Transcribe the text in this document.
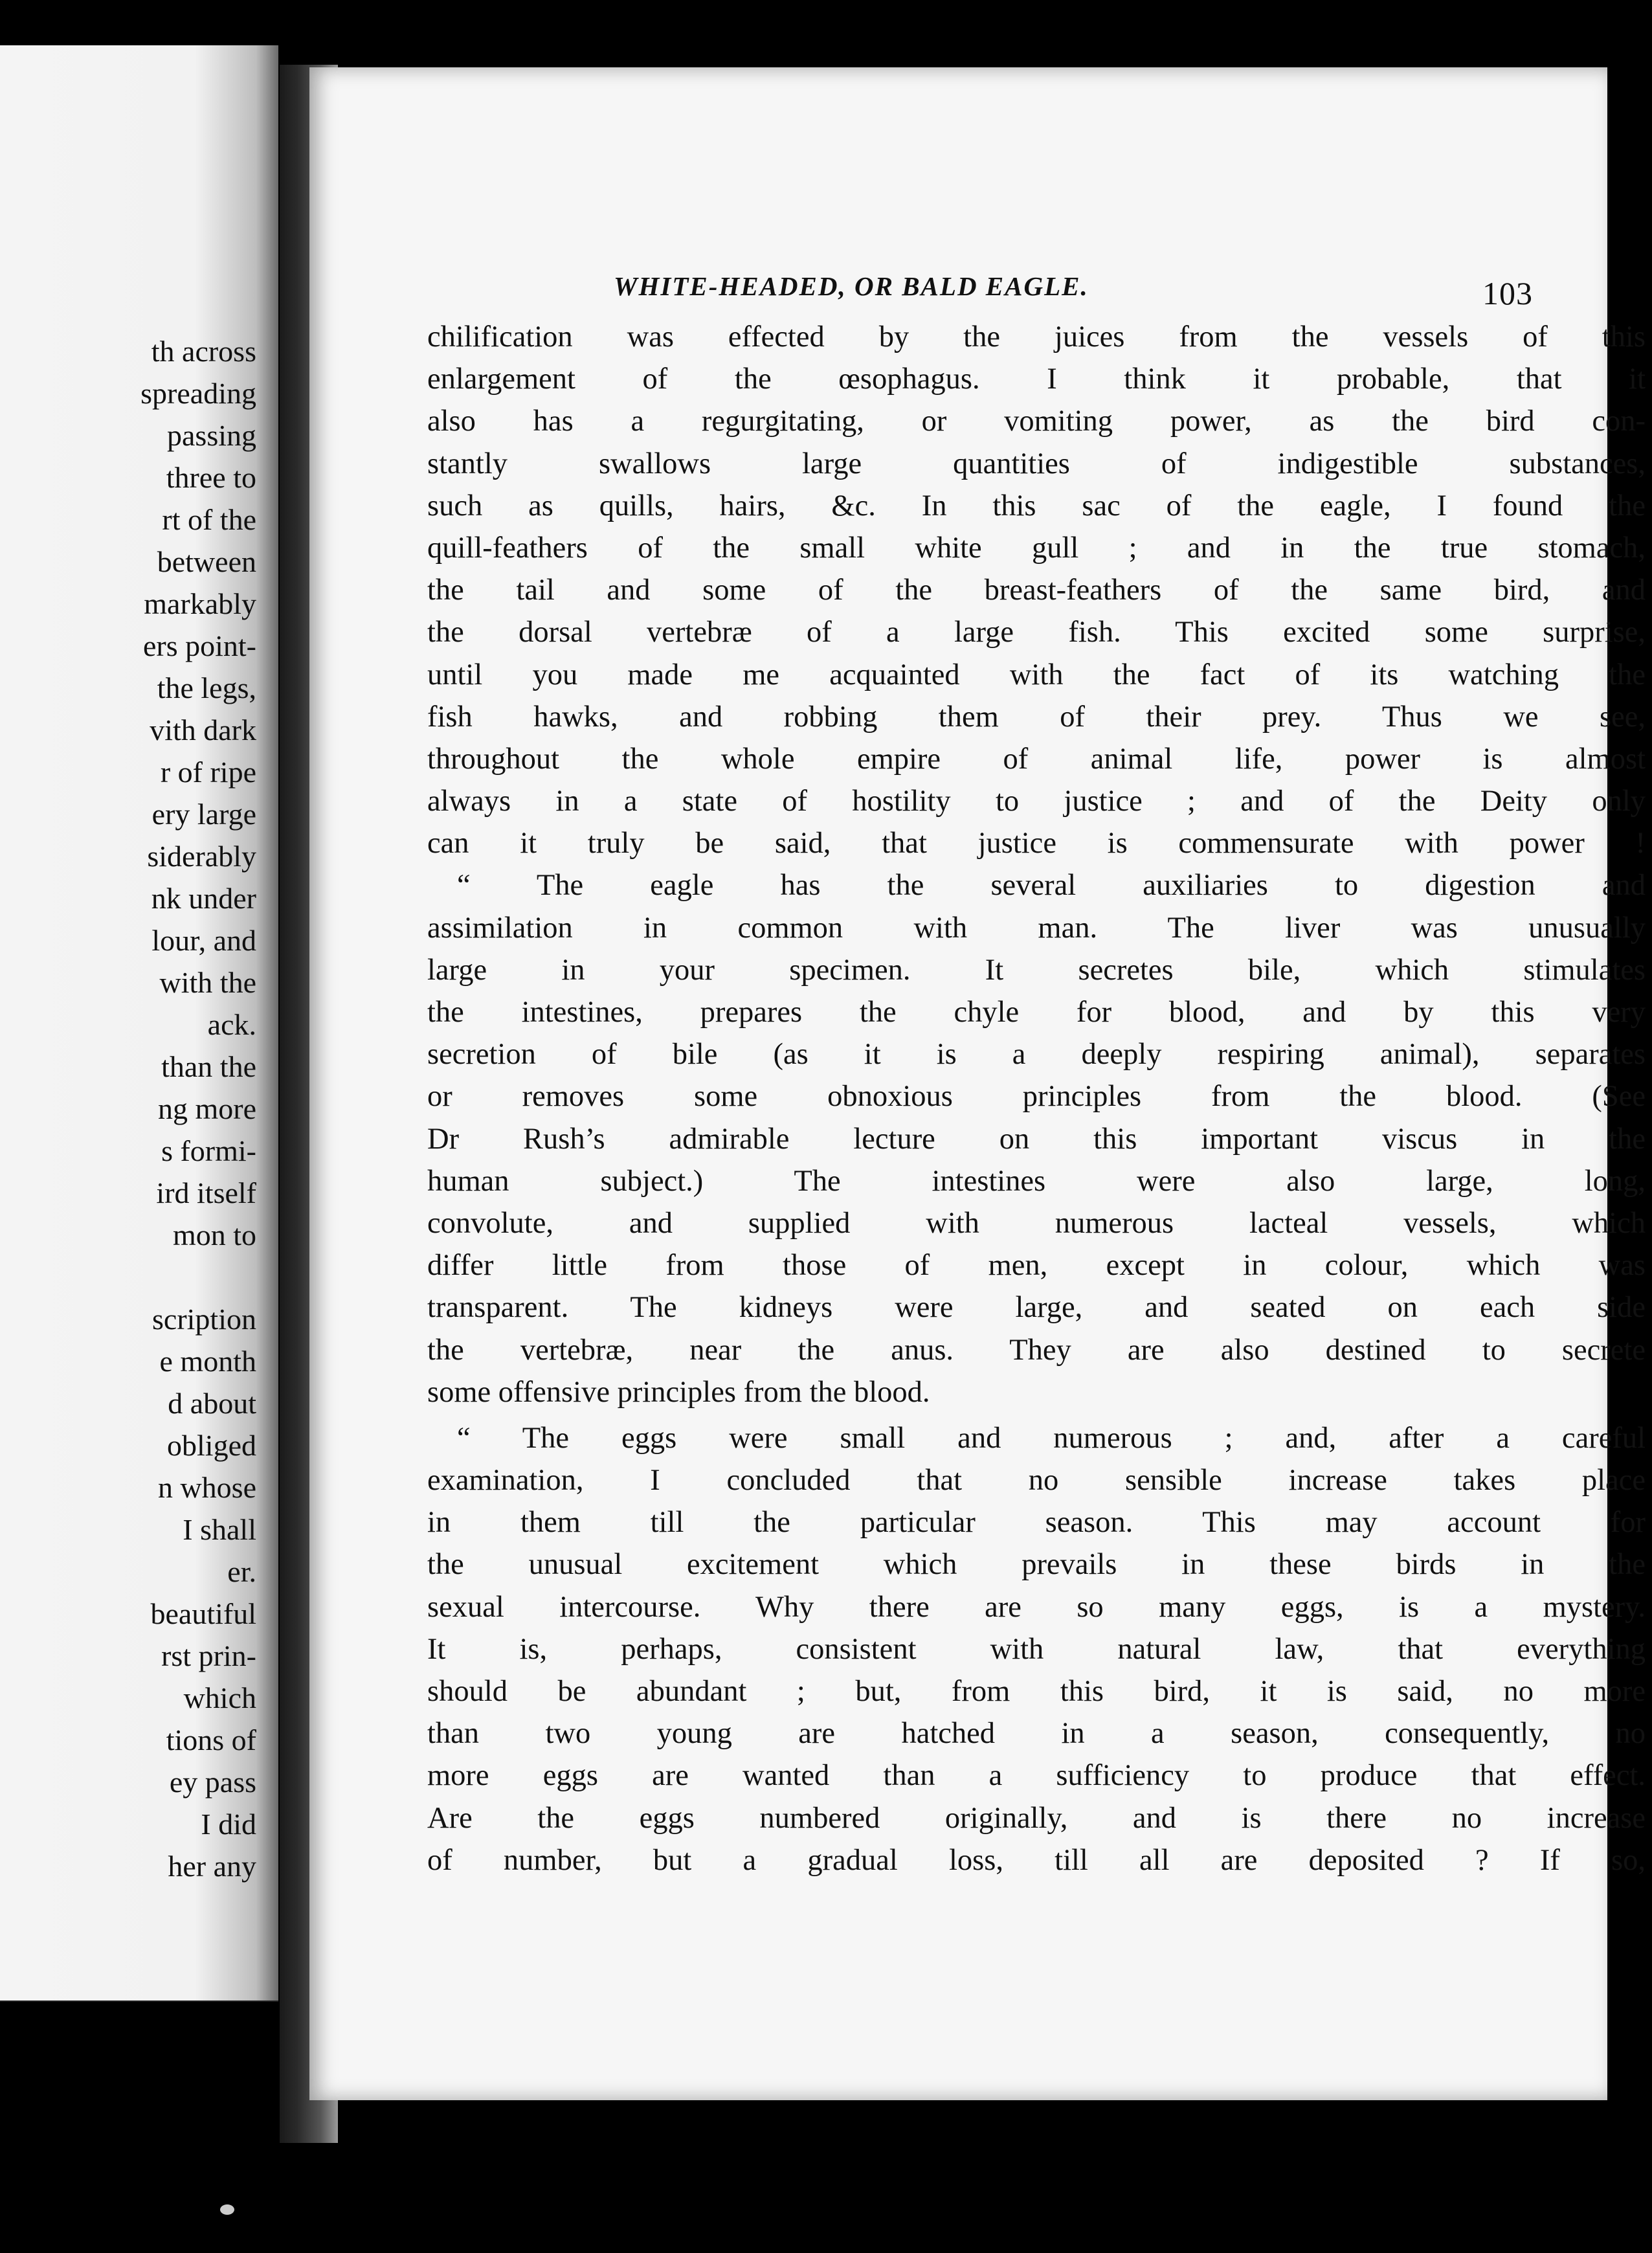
th across
spreading
passing
three to
rt of the
between
markably
ers point-
the legs,
vith dark
r of ripe
ery large
siderably
nk under
lour, and
with the
ack.
than the
ng more
s formi-
ird itself
mon to
scription
e month
d about
obliged
n whose
I shall
er.
beautiful
rst prin-
which
tions of
ey pass
I did
her any
WHITE-HEADED, OR BALD EAGLE.	103
chilification was effected by the juices from the vessels of this
enlargement of the œsophagus. I think it probable, that it
also has a regurgitating, or vomiting power, as the bird con-
stantly swallows large quantities of indigestible substances,
such as quills, hairs, &c. In this sac of the eagle, I found the
quill-feathers of the small white gull ; and in the true stomach,
the tail and some of the breast-feathers of the same bird, and
the dorsal vertebræ of a large fish. This excited some surprise,
until you made me acquainted with the fact of its watching the
fish hawks, and robbing them of their prey. Thus we see,
throughout the whole empire of animal life, power is almost
always in a state of hostility to justice ; and of the Deity only
can it truly be said, that justice is commensurate with power !
“ The eagle has the several auxiliaries to digestion and
assimilation in common with man. The liver was unusually
large in your specimen. It secretes bile, which stimulates
the intestines, prepares the chyle for blood, and by this very
secretion of bile (as it is a deeply respiring animal), separates
or removes some obnoxious principles from the blood. (See
Dr Rush’s admirable lecture on this important viscus in the
human subject.) The intestines were also large, long,
convolute, and supplied with numerous lacteal vessels, which
differ little from those of men, except in colour, which was
transparent. The kidneys were large, and seated on each side
the vertebræ, near the anus. They are also destined to secrete
some offensive principles from the blood.
“ The eggs were small and numerous ; and, after a careful
examination, I concluded that no sensible increase takes place
in them till the particular season. This may account for
the unusual excitement which prevails in these birds in the
sexual intercourse. Why there are so many eggs, is a mystery.
It is, perhaps, consistent with natural law, that everything
should be abundant ; but, from this bird, it is said, no more
than two young are hatched in a season, consequently, no
more eggs are wanted than a sufficiency to produce that effect.
Are the eggs numbered originally, and is there no increase
of number, but a gradual loss, till all are deposited ? If so,
